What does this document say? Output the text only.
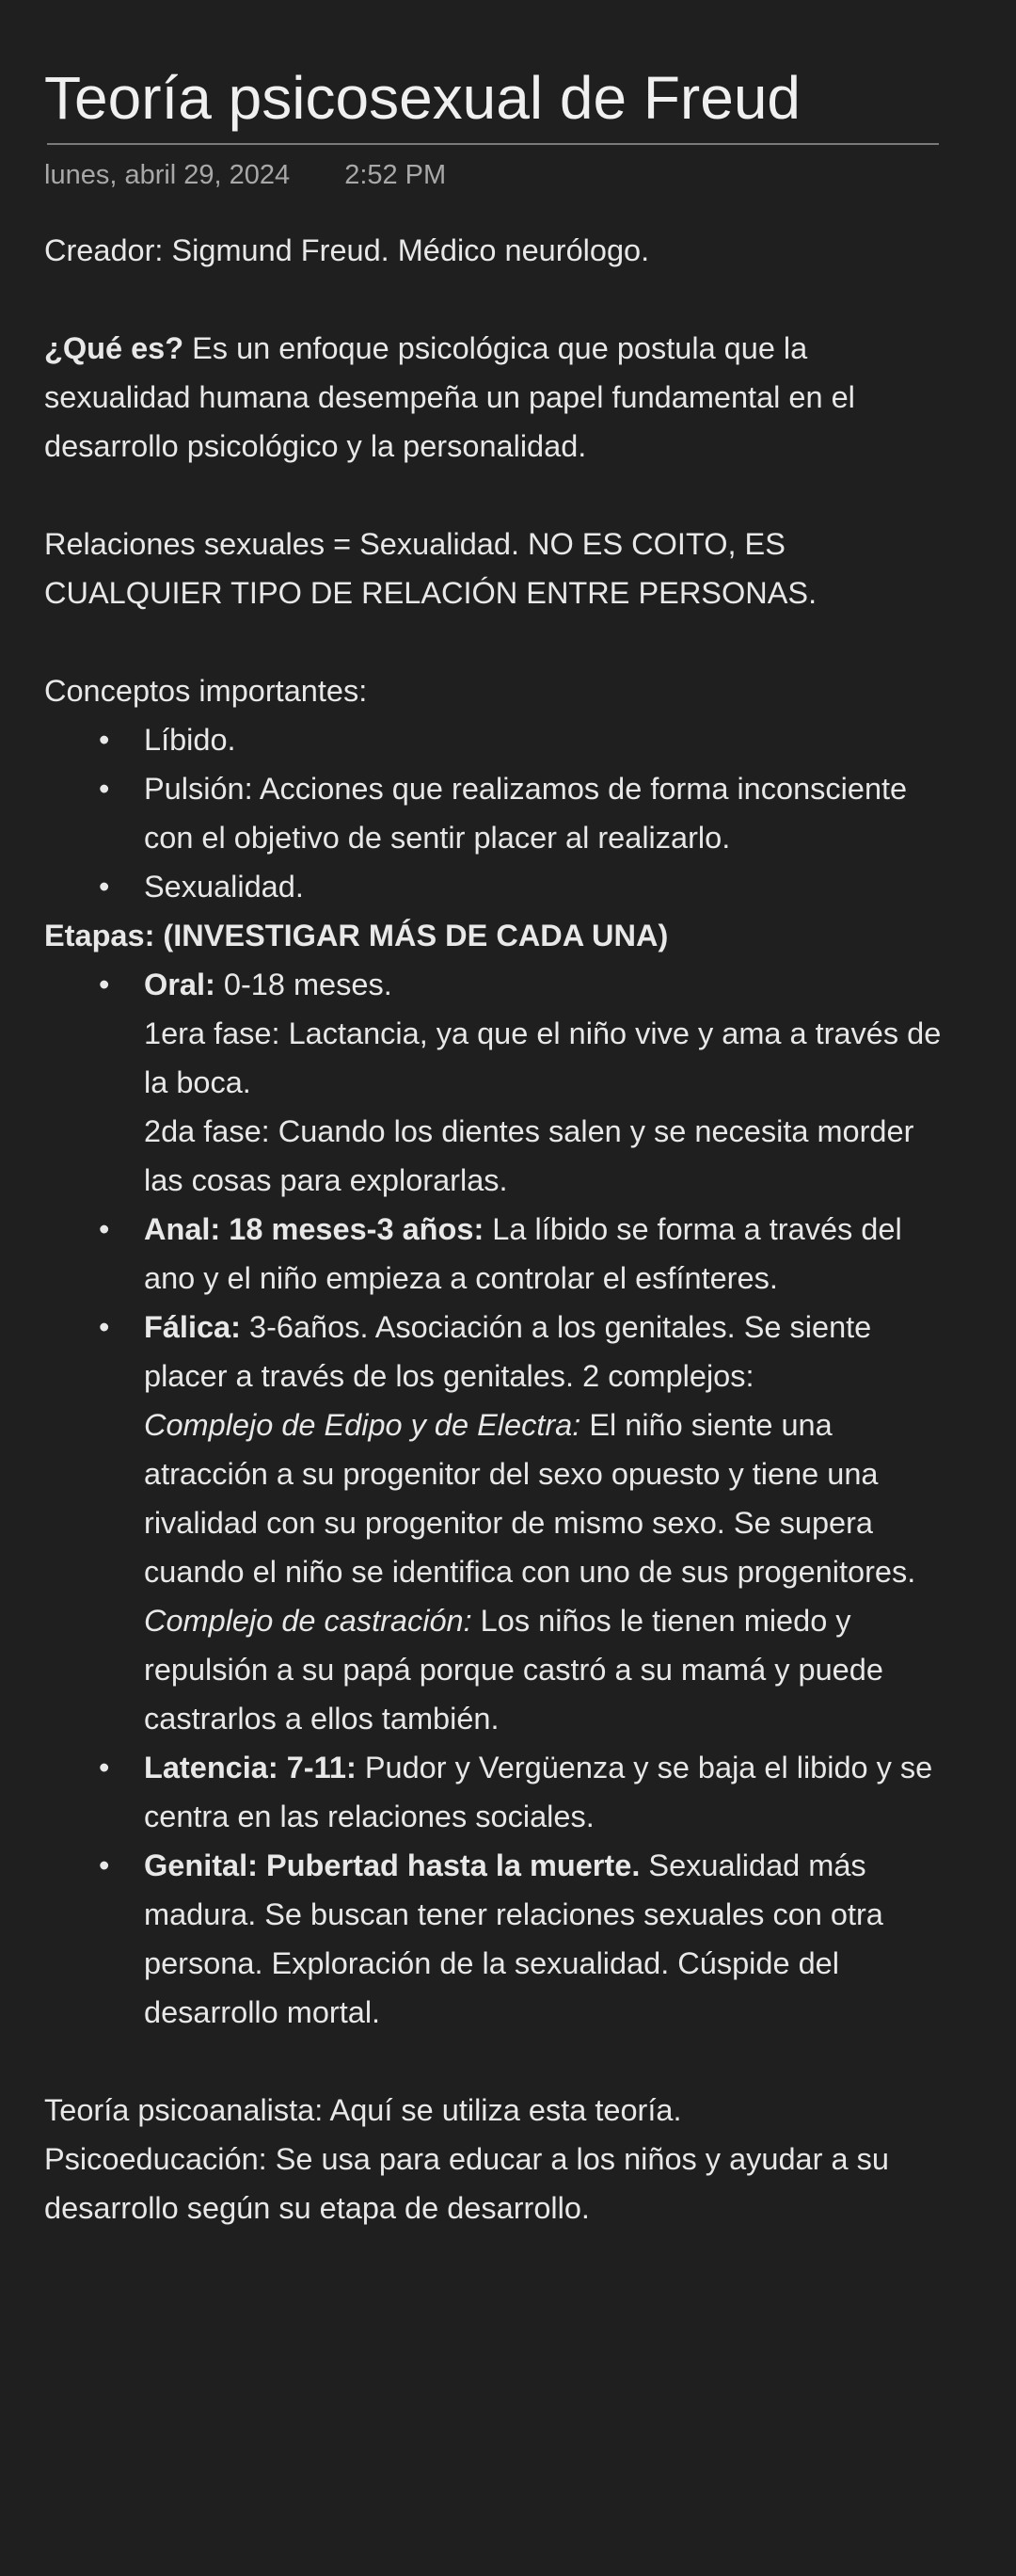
Teoría psicosexual de Freud
lunes, abril 29, 2024 2:52 PM

Creador: Sigmund Freud. Médico neurólogo.

¿Qué es? Es un enfoque psicológica que postula que la sexualidad humana desempeña un papel fundamental en el desarrollo psicológico y la personalidad.

Relaciones sexuales = Sexualidad. NO ES COITO, ES CUALQUIER TIPO DE RELACIÓN ENTRE PERSONAS.

Conceptos importantes:

• Líbido.
• Pulsión: Acciones que realizamos de forma inconsciente con el objetivo de sentir placer al realizarlo.
• Sexualidad.

Etapas: (INVESTIGAR MÁS DE CADA UNA)

• Oral: 0-18 meses.
1era fase: Lactancia, ya que el niño vive y ama a través de la boca.
2da fase: Cuando los dientes salen y se necesita morder las cosas para explorarlas.
• Anal: 18 meses-3 años: La líbido se forma a través del ano y el niño empieza a controlar el esfínteres.
• Fálica: 3-6años. Asociación a los genitales. Se siente placer a través de los genitales. 2 complejos:
Complejo de Edipo y de Electra: El niño siente una atracción a su progenitor del sexo opuesto y tiene una rivalidad con su progenitor de mismo sexo. Se supera cuando el niño se identifica con uno de sus progenitores.
Complejo de castración: Los niños le tienen miedo y repulsión a su papá porque castró a su mamá y puede castrarlos a ellos también.
• Latencia: 7-11: Pudor y Vergüenza y se baja el libido y se centra en las relaciones sociales.
• Genital: Pubertad hasta la muerte. Sexualidad más madura. Se buscan tener relaciones sexuales con otra persona. Exploración de la sexualidad. Cúspide del desarrollo mortal.

Teoría psicoanalista: Aquí se utiliza esta teoría.

Psicoeducación: Se usa para educar a los niños y ayudar a su desarrollo según su etapa de desarrollo.
